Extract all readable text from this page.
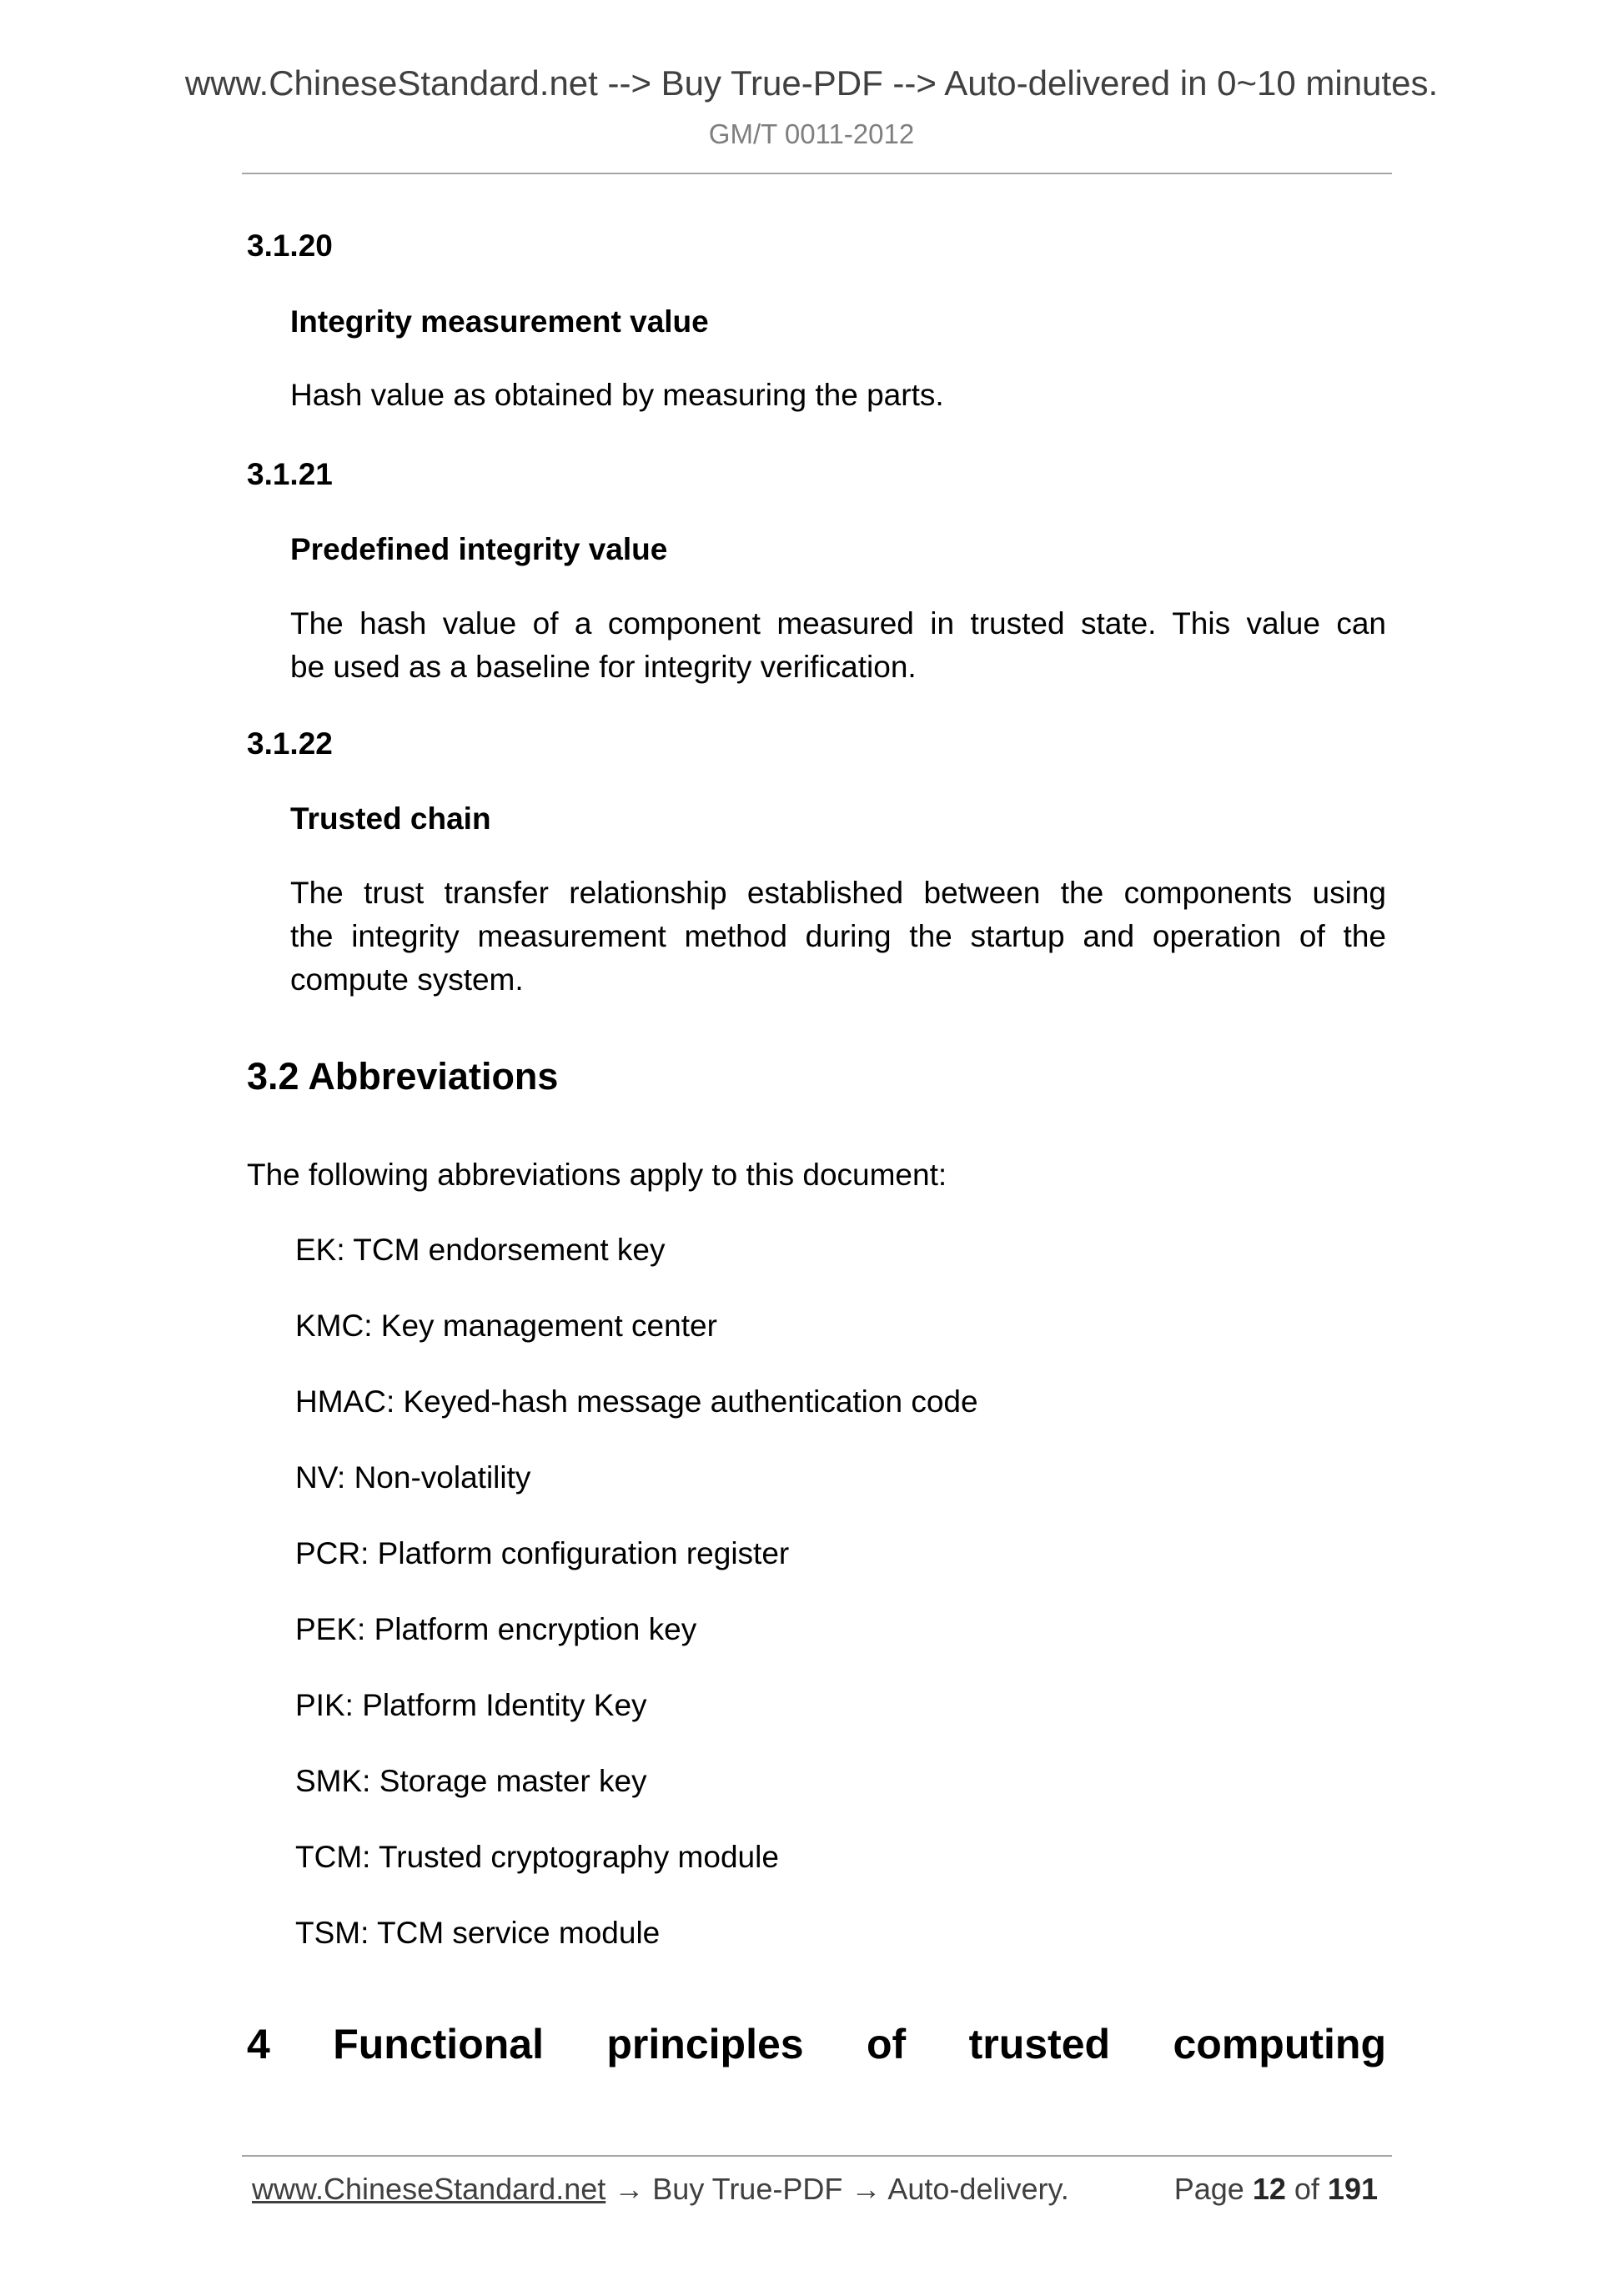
www.ChineseStandard.net --> Buy True-PDF --> Auto-delivered in 0~10 minutes.
GM/T 0011-2012
3.1.20
Integrity measurement value
Hash value as obtained by measuring the parts.
3.1.21
Predefined integrity value
The hash value of a component measured in trusted state. This value can
be used as a baseline for integrity verification.
3.1.22
Trusted chain
The trust transfer relationship established between the components using
the integrity measurement method during the startup and operation of the
compute system.
3.2 Abbreviations
The following abbreviations apply to this document:
EK: TCM endorsement key
KMC: Key management center
HMAC: Keyed-hash message authentication code
NV: Non-volatility
PCR: Platform configuration register
PEK: Platform encryption key
PIK: Platform Identity Key
SMK: Storage master key
TCM: Trusted cryptography module
TSM: TCM service module
4 Functional principles of trusted computing
www.ChineseStandard.net → Buy True-PDF → Auto-delivery.	Page 12 of 191
